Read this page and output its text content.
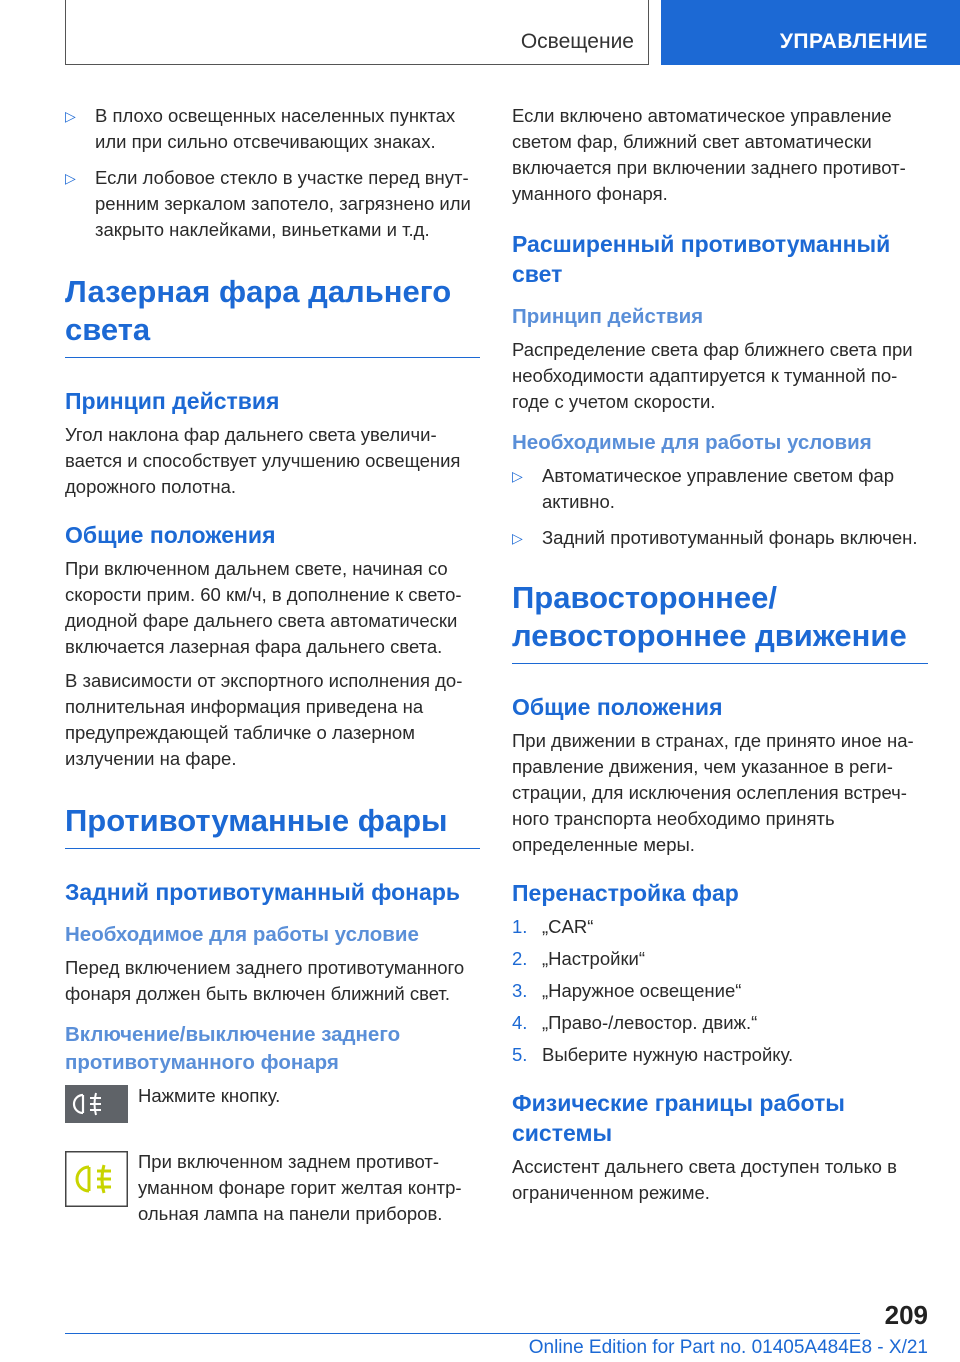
Освещение	УПРАВЛЕНИЕ
▷ В плохо освещенных населенных пунктах или при сильно отсвечивающих знаках.
▷ Если лобовое стекло в участке перед внут-ренним зеркалом запотело, загрязнено или закрыто наклейками, виньетками и т.д.
Лазерная фара дальнего света
Принцип действия

Угол наклона фар дальнего света увеличи-вается и способствует улучшению освещения дорожного полотна.

Общие положения

При включенном дальнем свете, начиная со скорости прим. 60 км/ч, в дополнение к свето-диодной фаре дальнего света автоматически включается лазерная фара дальнего света.

В зависимости от экспортного исполнения до-полнительная информация приведена на предупреждающей табличке о лазерном излучении на фаре.

Противотуманные фары
Задний противотуманный фонарь
Необходимое для работы условие

Перед включением заднего противотуманного фонаря должен быть включен ближний свет.

Включение/выключение заднего противотуманного фонаря

Нажмите кнопку.

При включенном заднем противот-уманном фонаре горит желтая контр-ольная лампа на панели приборов.

Если включено автоматическое управление светом фар, ближний свет автоматически включается при включении заднего противот-уманного фонаря.

Расширенный противотуманный свет
Принцип действия

Распределение света фар ближнего света при необходимости адаптируется к туманной по-годе с учетом скорости.

Необходимые для работы условия
▷ Автоматическое управление светом фар активно.
▷ Задний противотуманный фонарь включен.
Правостороннее/ левостороннее движение
Общие положения

При движении в странах, где принято иное на-правление движения, чем указанное в реги-страции, для исключения ослепления встреч-ного транспорта необходимо принять определенные меры.

Перенастройка фар
1. „CAR“
2. „Настройки“
3. „Наружное освещение“
4. „Право-/левостор. движ.“
5. Выберите нужную настройку.
Физические границы работы системы

Ассистент дальнего света доступен только в ограниченном режиме.

209
Online Edition for Part no. 01405A484E8 - X/21
